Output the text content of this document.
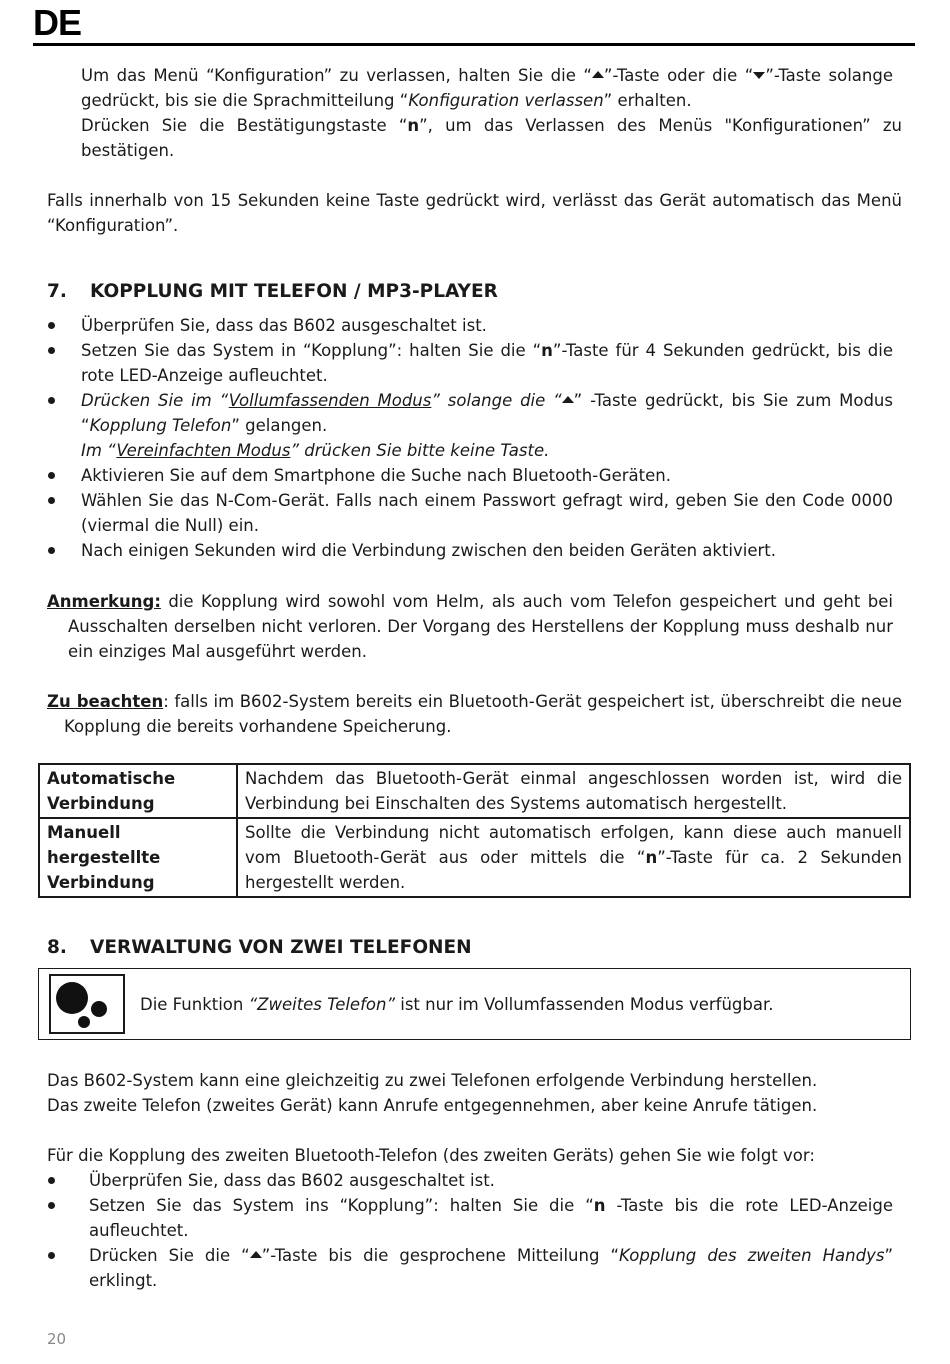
DE
Um das Menü “Konfiguration” zu verlassen, halten Sie die “ ”-Taste oder die “ ”-Taste solange
gedrückt, bis sie die Sprachmitteilung “Konfiguration verlassen” erhalten.
Drücken Sie die Bestätigungstaste “n”, um das Verlassen des Menüs "Konfigurationen” zu
bestätigen.
Falls innerhalb von 15 Sekunden keine Taste gedrückt wird, verlässt das Gerät automatisch das Menü
“Konfiguration”.
7. KOPPLUNG MIT TELEFON / MP3-PLAYER
Überprüfen Sie, dass das B602 ausgeschaltet ist.
Setzen Sie das System in “Kopplung”: halten Sie die “n”-Taste für 4 Sekunden gedrückt, bis die
rote LED-Anzeige aufleuchtet.
Drücken Sie im “Vollumfassenden Modus” solange die “ ” -Taste gedrückt, bis Sie zum Modus
“Kopplung Telefon” gelangen.
Im “Vereinfachten Modus” drücken Sie bitte keine Taste.
Aktivieren Sie auf dem Smartphone die Suche nach Bluetooth-Geräten.
Wählen Sie das N-Com-Gerät. Falls nach einem Passwort gefragt wird, geben Sie den Code 0000
(viermal die Null) ein.
Nach einigen Sekunden wird die Verbindung zwischen den beiden Geräten aktiviert.
Anmerkung: die Kopplung wird sowohl vom Helm, als auch vom Telefon gespeichert und geht bei
Ausschalten derselben nicht verloren. Der Vorgang des Herstellens der Kopplung muss deshalb nur
ein einziges Mal ausgeführt werden.
Zu beachten: falls im B602-System bereits ein Bluetooth-Gerät gespeichert ist, überschreibt die neue
Kopplung die bereits vorhandene Speicherung.
Automatische Verbindung	Nachdem das Bluetooth-Gerät einmal angeschlossen worden ist, wird die Verbindung bei Einschalten des Systems automatisch hergestellt.
Manuell hergestellte Verbindung	Sollte die Verbindung nicht automatisch erfolgen, kann diese auch manuell vom Bluetooth-Gerät aus oder mittels die “n”-Taste für ca. 2 Sekunden hergestellt werden.
8. VERWALTUNG VON ZWEI TELEFONEN
Die Funktion “Zweites Telefon” ist nur im Vollumfassenden Modus verfügbar.
Das B602-System kann eine gleichzeitig zu zwei Telefonen erfolgende Verbindung herstellen.
Das zweite Telefon (zweites Gerät) kann Anrufe entgegennehmen, aber keine Anrufe tätigen.
Für die Kopplung des zweiten Bluetooth-Telefon (des zweiten Geräts) gehen Sie wie folgt vor:
Überprüfen Sie, dass das B602 ausgeschaltet ist.
Setzen Sie das System ins “Kopplung”: halten Sie die “n -Taste bis die rote LED-Anzeige
aufleuchtet.
Drücken Sie die “ ”-Taste bis die gesprochene Mitteilung “Kopplung des zweiten Handys”
erklingt.
20
